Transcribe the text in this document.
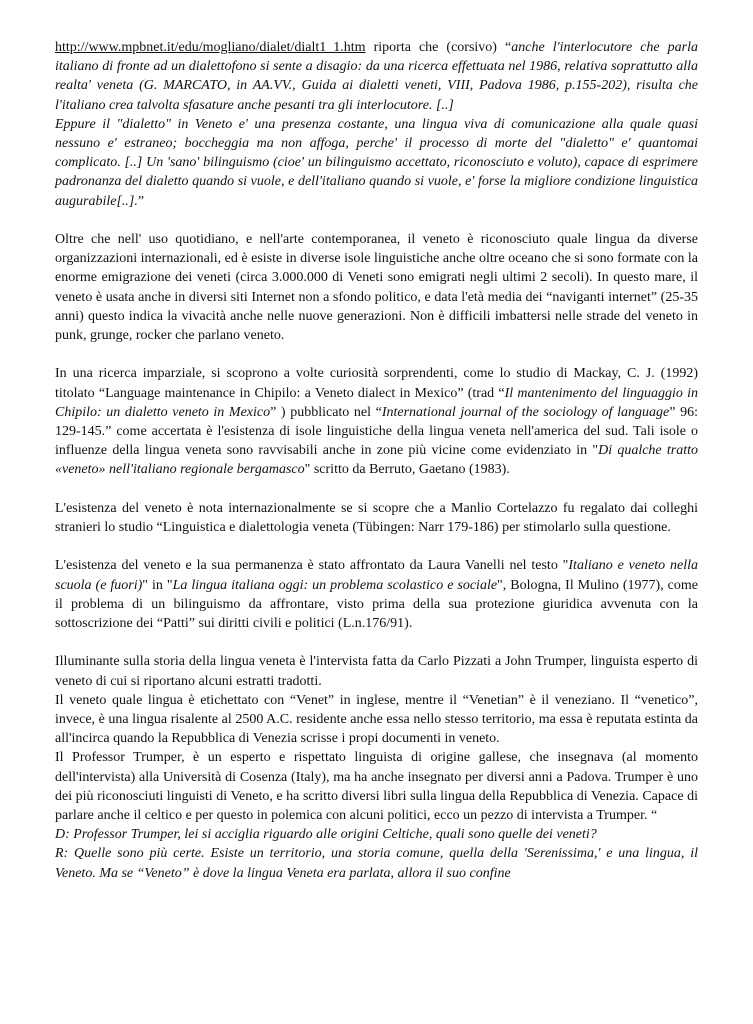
http://www.mpbnet.it/edu/mogliano/dialet/dialt1_1.htm riporta che (corsivo) “anche l'interlocutore che parla italiano di fronte ad un dialettofono si sente a disagio: da una ricerca effettuata nel 1986, relativa soprattutto alla realta' veneta (G. MARCATO, in AA.VV., Guida ai dialetti veneti, VIII, Padova 1986, p.155-202), risulta che l'italiano crea talvolta sfasature anche pesanti tra gli interlocutore. [..]

Eppure il "dialetto" in Veneto e' una presenza costante, una lingua viva di comunicazione alla quale quasi nessuno e' estraneo; boccheggia ma non affoga, perche' il processo di morte del "dialetto" e' quantomai complicato. [..] Un 'sano' bilinguismo (cioe' un bilinguismo accettato, riconosciuto e voluto), capace di esprimere padronanza del dialetto quando si vuole, e dell'italiano quando si vuole, e' forse la migliore condizione linguistica augurabile[..].”

Oltre che nell' uso quotidiano, e nell'arte contemporanea, il veneto è riconosciuto quale lingua da diverse organizzazioni internazionali, ed è esiste in diverse isole linguistiche anche oltre oceano che si sono formate con la enorme emigrazione dei veneti (circa 3.000.000 di Veneti sono emigrati negli ultimi 2 secoli). In questo mare, il veneto è usata anche in diversi siti Internet non a sfondo politico, e data l'età media dei “naviganti internet” (25-35 anni) questo indica la vivacità anche nelle nuove generazioni. Non è difficili imbattersi nelle strade del veneto in punk, grunge, rocker che parlano veneto.

In una ricerca imparziale, si scoprono a volte curiosità sorprendenti, come lo studio di Mackay, C. J. (1992) titolato “Language maintenance in Chipilo: a Veneto dialect in Mexico” (trad “Il mantenimento del linguaggio in Chipilo: un dialetto veneto in Mexico” ) pubblicato nel “International journal of the sociology of language” 96: 129-145.” come accertata è l'esistenza di isole linguistiche della lingua veneta nell'america del sud. Tali isole o influenze della lingua veneta sono ravvisabili anche in zone più vicine come evidenziato in "Di qualche tratto «veneto» nell'italiano regionale bergamasco" scritto da Berruto, Gaetano (1983).

L'esistenza del veneto è nota internazionalmente se si scopre che a Manlio Cortelazzo fu regalato dai colleghi stranieri lo studio “Linguistica e dialettologia veneta (Tübingen: Narr 179-186) per stimolarlo sulla questione.

L'esistenza del veneto e la sua permanenza è stato affrontato da Laura Vanelli nel testo "Italiano e veneto nella scuola (e fuori)" in "La lingua italiana oggi: un problema scolastico e sociale", Bologna, Il Mulino (1977), come il problema di un bilinguismo da affrontare, visto prima della sua protezione giuridica avvenuta con la sottoscrizione dei “Patti” sui diritti civili e politici (L.n.176/91).

Illuminante sulla storia della lingua veneta è l'intervista fatta da Carlo Pizzati a John Trumper, linguista esperto di veneto di cui si riportano alcuni estratti tradotti.

Il veneto quale lingua è etichettato con “Venet” in inglese, mentre il “Venetian” è il veneziano. Il “venetico”, invece, è una lingua risalente al 2500 A.C. residente anche essa nello stesso territorio, ma essa è reputata estinta da all'incirca quando la Repubblica di Venezia scrisse i propi documenti in veneto.

Il Professor Trumper, è un esperto e rispettato linguista di origine gallese, che insegnava (al momento dell'intervista) alla Università di Cosenza (Italy), ma ha anche insegnato per diversi anni a Padova. Trumper è uno dei più riconosciuti linguisti di Veneto, e ha scritto diversi libri sulla lingua della Repubblica di Venezia. Capace di parlare anche il celtico e per questo in polemica con alcuni politici, ecco un pezzo di intervista a Trumper. “

D: Professor Trumper, lei si acciglia riguardo alle origini Celtiche, quali sono quelle dei veneti?

R: Quelle sono più certe. Esiste un territorio, una storia comune, quella della 'Serenissima,' e una lingua, il Veneto. Ma se “Veneto” è dove la lingua Veneta era parlata, allora il suo confine
